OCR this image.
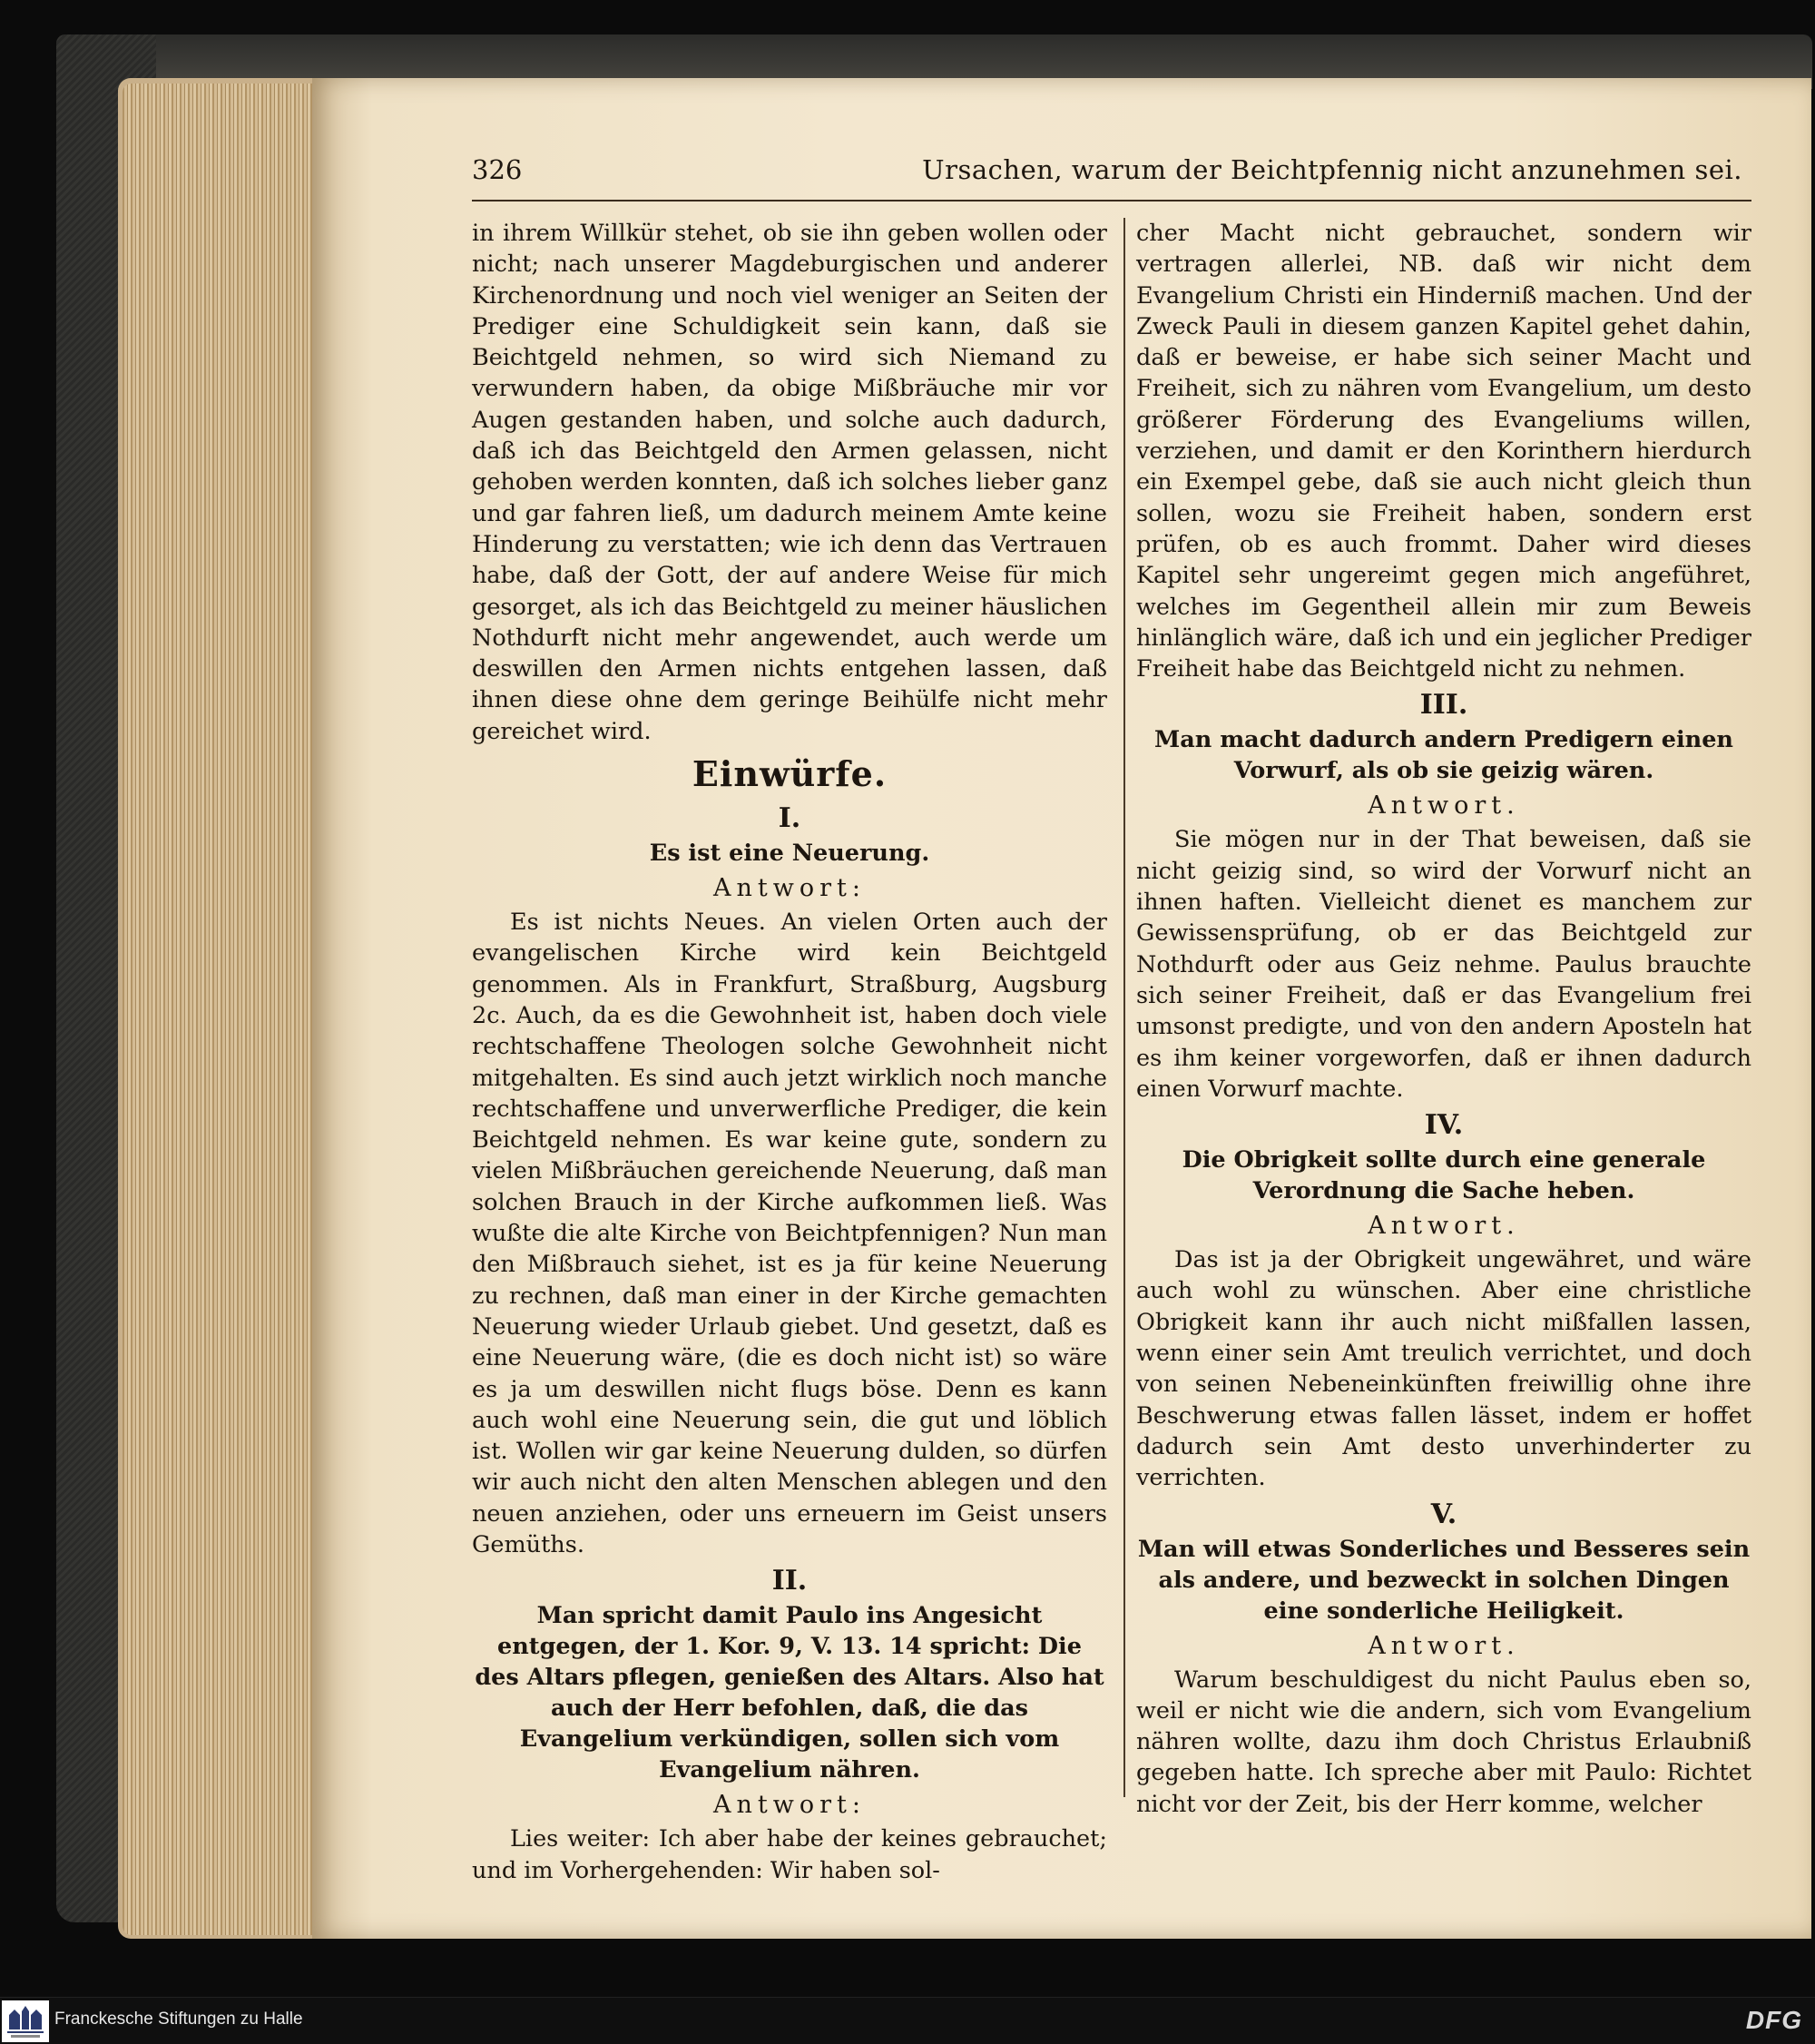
326	Ursachen, warum der Beichtpfennig nicht anzunehmen sei.

in ihrem Willkür stehet, ob sie ihn geben wollen oder nicht; nach unserer Magdeburgischen und anderer Kirchenordnung und noch viel weniger an Seiten der Prediger eine Schuldigkeit sein kann, daß sie Beichtgeld nehmen, so wird sich Niemand zu verwundern haben, da obige Mißbräuche mir vor Augen gestanden haben, und solche auch dadurch, daß ich das Beichtgeld den Armen gelassen, nicht gehoben werden konnten, daß ich solches lieber ganz und gar fahren ließ, um dadurch meinem Amte keine Hinderung zu verstatten; wie ich denn das Vertrauen habe, daß der Gott, der auf andere Weise für mich gesorget, als ich das Beichtgeld zu meiner häuslichen Nothdurft nicht mehr angewendet, auch werde um deswillen den Armen nichts entgehen lassen, daß ihnen diese ohne dem geringe Beihülfe nicht mehr gereichet wird.

Einwürfe.
I.
Es ist eine Neuerung.
Antwort:

Es ist nichts Neues. An vielen Orten auch der evangelischen Kirche wird kein Beichtgeld genommen. Als in Frankfurt, Straßburg, Augsburg 2c. Auch, da es die Gewohnheit ist, haben doch viele rechtschaffene Theologen solche Gewohnheit nicht mitgehalten. Es sind auch jetzt wirklich noch manche rechtschaffene und unverwerfliche Prediger, die kein Beichtgeld nehmen. Es war keine gute, sondern zu vielen Mißbräuchen gereichende Neuerung, daß man solchen Brauch in der Kirche aufkommen ließ. Was wußte die alte Kirche von Beichtpfennigen? Nun man den Mißbrauch siehet, ist es ja für keine Neuerung zu rechnen, daß man einer in der Kirche gemachten Neuerung wieder Urlaub giebet. Und gesetzt, daß es eine Neuerung wäre, (die es doch nicht ist) so wäre es ja um deswillen nicht flugs böse. Denn es kann auch wohl eine Neuerung sein, die gut und löblich ist. Wollen wir gar keine Neuerung dulden, so dürfen wir auch nicht den alten Menschen ablegen und den neuen anziehen, oder uns erneuern im Geist unsers Gemüths.

II.
Man spricht damit Paulo ins Angesicht entgegen, der 1. Kor. 9, V. 13. 14 spricht: Die des Altars pflegen, genießen des Altars. Also hat auch der Herr befohlen, daß, die das Evangelium verkündigen, sollen sich vom Evangelium nähren.
Antwort:

Lies weiter: Ich aber habe der keines gebrauchet; und im Vorhergehenden: Wir haben sol-

cher Macht nicht gebrauchet, sondern wir vertragen allerlei, NB. daß wir nicht dem Evangelium Christi ein Hinderniß machen. Und der Zweck Pauli in diesem ganzen Kapitel gehet dahin, daß er beweise, er habe sich seiner Macht und Freiheit, sich zu nähren vom Evangelium, um desto größerer Förderung des Evangeliums willen, verziehen, und damit er den Korinthern hierdurch ein Exempel gebe, daß sie auch nicht gleich thun sollen, wozu sie Freiheit haben, sondern erst prüfen, ob es auch frommt. Daher wird dieses Kapitel sehr ungereimt gegen mich angeführet, welches im Gegentheil allein mir zum Beweis hinlänglich wäre, daß ich und ein jeglicher Prediger Freiheit habe das Beichtgeld nicht zu nehmen.

III.
Man macht dadurch andern Predigern einen Vorwurf, als ob sie geizig wären.
Antwort.

Sie mögen nur in der That beweisen, daß sie nicht geizig sind, so wird der Vorwurf nicht an ihnen haften. Vielleicht dienet es manchem zur Gewissensprüfung, ob er das Beichtgeld zur Nothdurft oder aus Geiz nehme. Paulus brauchte sich seiner Freiheit, daß er das Evangelium frei umsonst predigte, und von den andern Aposteln hat es ihm keiner vorgeworfen, daß er ihnen dadurch einen Vorwurf machte.

IV.
Die Obrigkeit sollte durch eine generale Verordnung die Sache heben.
Antwort.

Das ist ja der Obrigkeit ungewähret, und wäre auch wohl zu wünschen. Aber eine christliche Obrigkeit kann ihr auch nicht mißfallen lassen, wenn einer sein Amt treulich verrichtet, und doch von seinen Nebeneinkünften freiwillig ohne ihre Beschwerung etwas fallen lässet, indem er hoffet dadurch sein Amt desto unverhinderter zu verrichten.

V.
Man will etwas Sonderliches und Besseres sein als andere, und bezweckt in solchen Dingen eine sonderliche Heiligkeit.
Antwort.

Warum beschuldigest du nicht Paulus eben so, weil er nicht wie die andern, sich vom Evangelium nähren wollte, dazu ihm doch Christus Erlaubniß gegeben hatte. Ich spreche aber mit Paulo: Richtet nicht vor der Zeit, bis der Herr komme, welcher

Franckesche Stiftungen zu Halle	DFG
